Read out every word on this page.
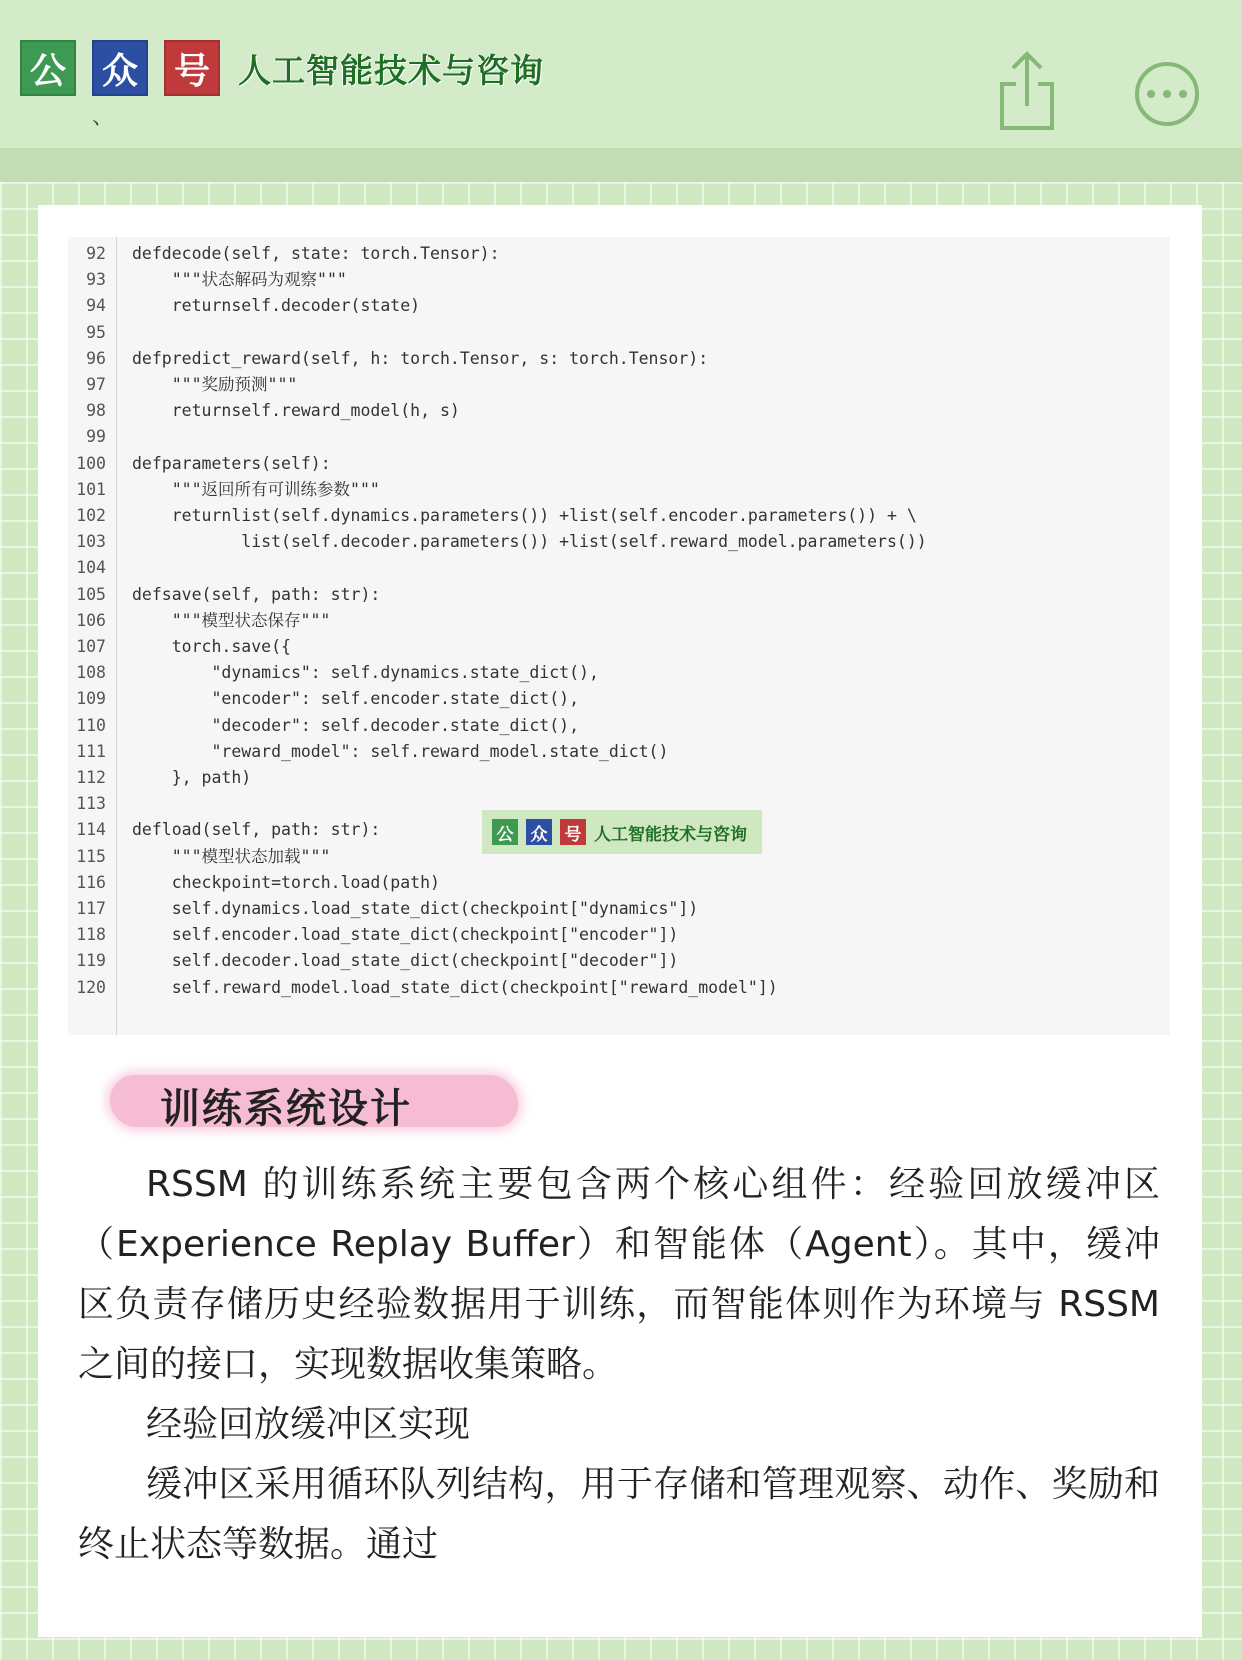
公 众 号 人工智能技术与咨询
、
92 defdecode(self, state: torch.Tensor):
93 """状态解码为观察"""
94 returnself.decoder(state)
95
96 defpredict_reward(self, h: torch.Tensor, s: torch.Tensor):
97 """奖励预测"""
98 returnself.reward_model(h, s)
99
100 defparameters(self):
101 """返回所有可训练参数"""
102 returnlist(self.dynamics.parameters()) +list(self.encoder.parameters()) + \
103 list(self.decoder.parameters()) +list(self.reward_model.parameters())
104
105 defsave(self, path: str):
106 """模型状态保存"""
107 torch.save({
108 "dynamics": self.dynamics.state_dict(),
109 "encoder": self.encoder.state_dict(),
110 "decoder": self.decoder.state_dict(),
111 "reward_model": self.reward_model.state_dict()
112 }, path)
113
114 defload(self, path: str):
115 """模型状态加载"""
116 checkpoint=torch.load(path)
117 self.dynamics.load_state_dict(checkpoint["dynamics"])
118 self.encoder.load_state_dict(checkpoint["encoder"])
119 self.decoder.load_state_dict(checkpoint["decoder"])
120 self.reward_model.load_state_dict(checkpoint["reward_model"])
公 众 号 人工智能技术与咨询
训练系统设计

RSSM 的训练系统主要包含两个核心组件：经验回放缓冲区（Experience Replay Buffer）和智能体（Agent）。其中，缓冲区负责存储历史经验数据用于训练，而智能体则作为环境与 RSSM 之间的接口，实现数据收集策略。

经验回放缓冲区实现

缓冲区采用循环队列结构，用于存储和管理观察、动作、奖励和终止状态等数据。通过
